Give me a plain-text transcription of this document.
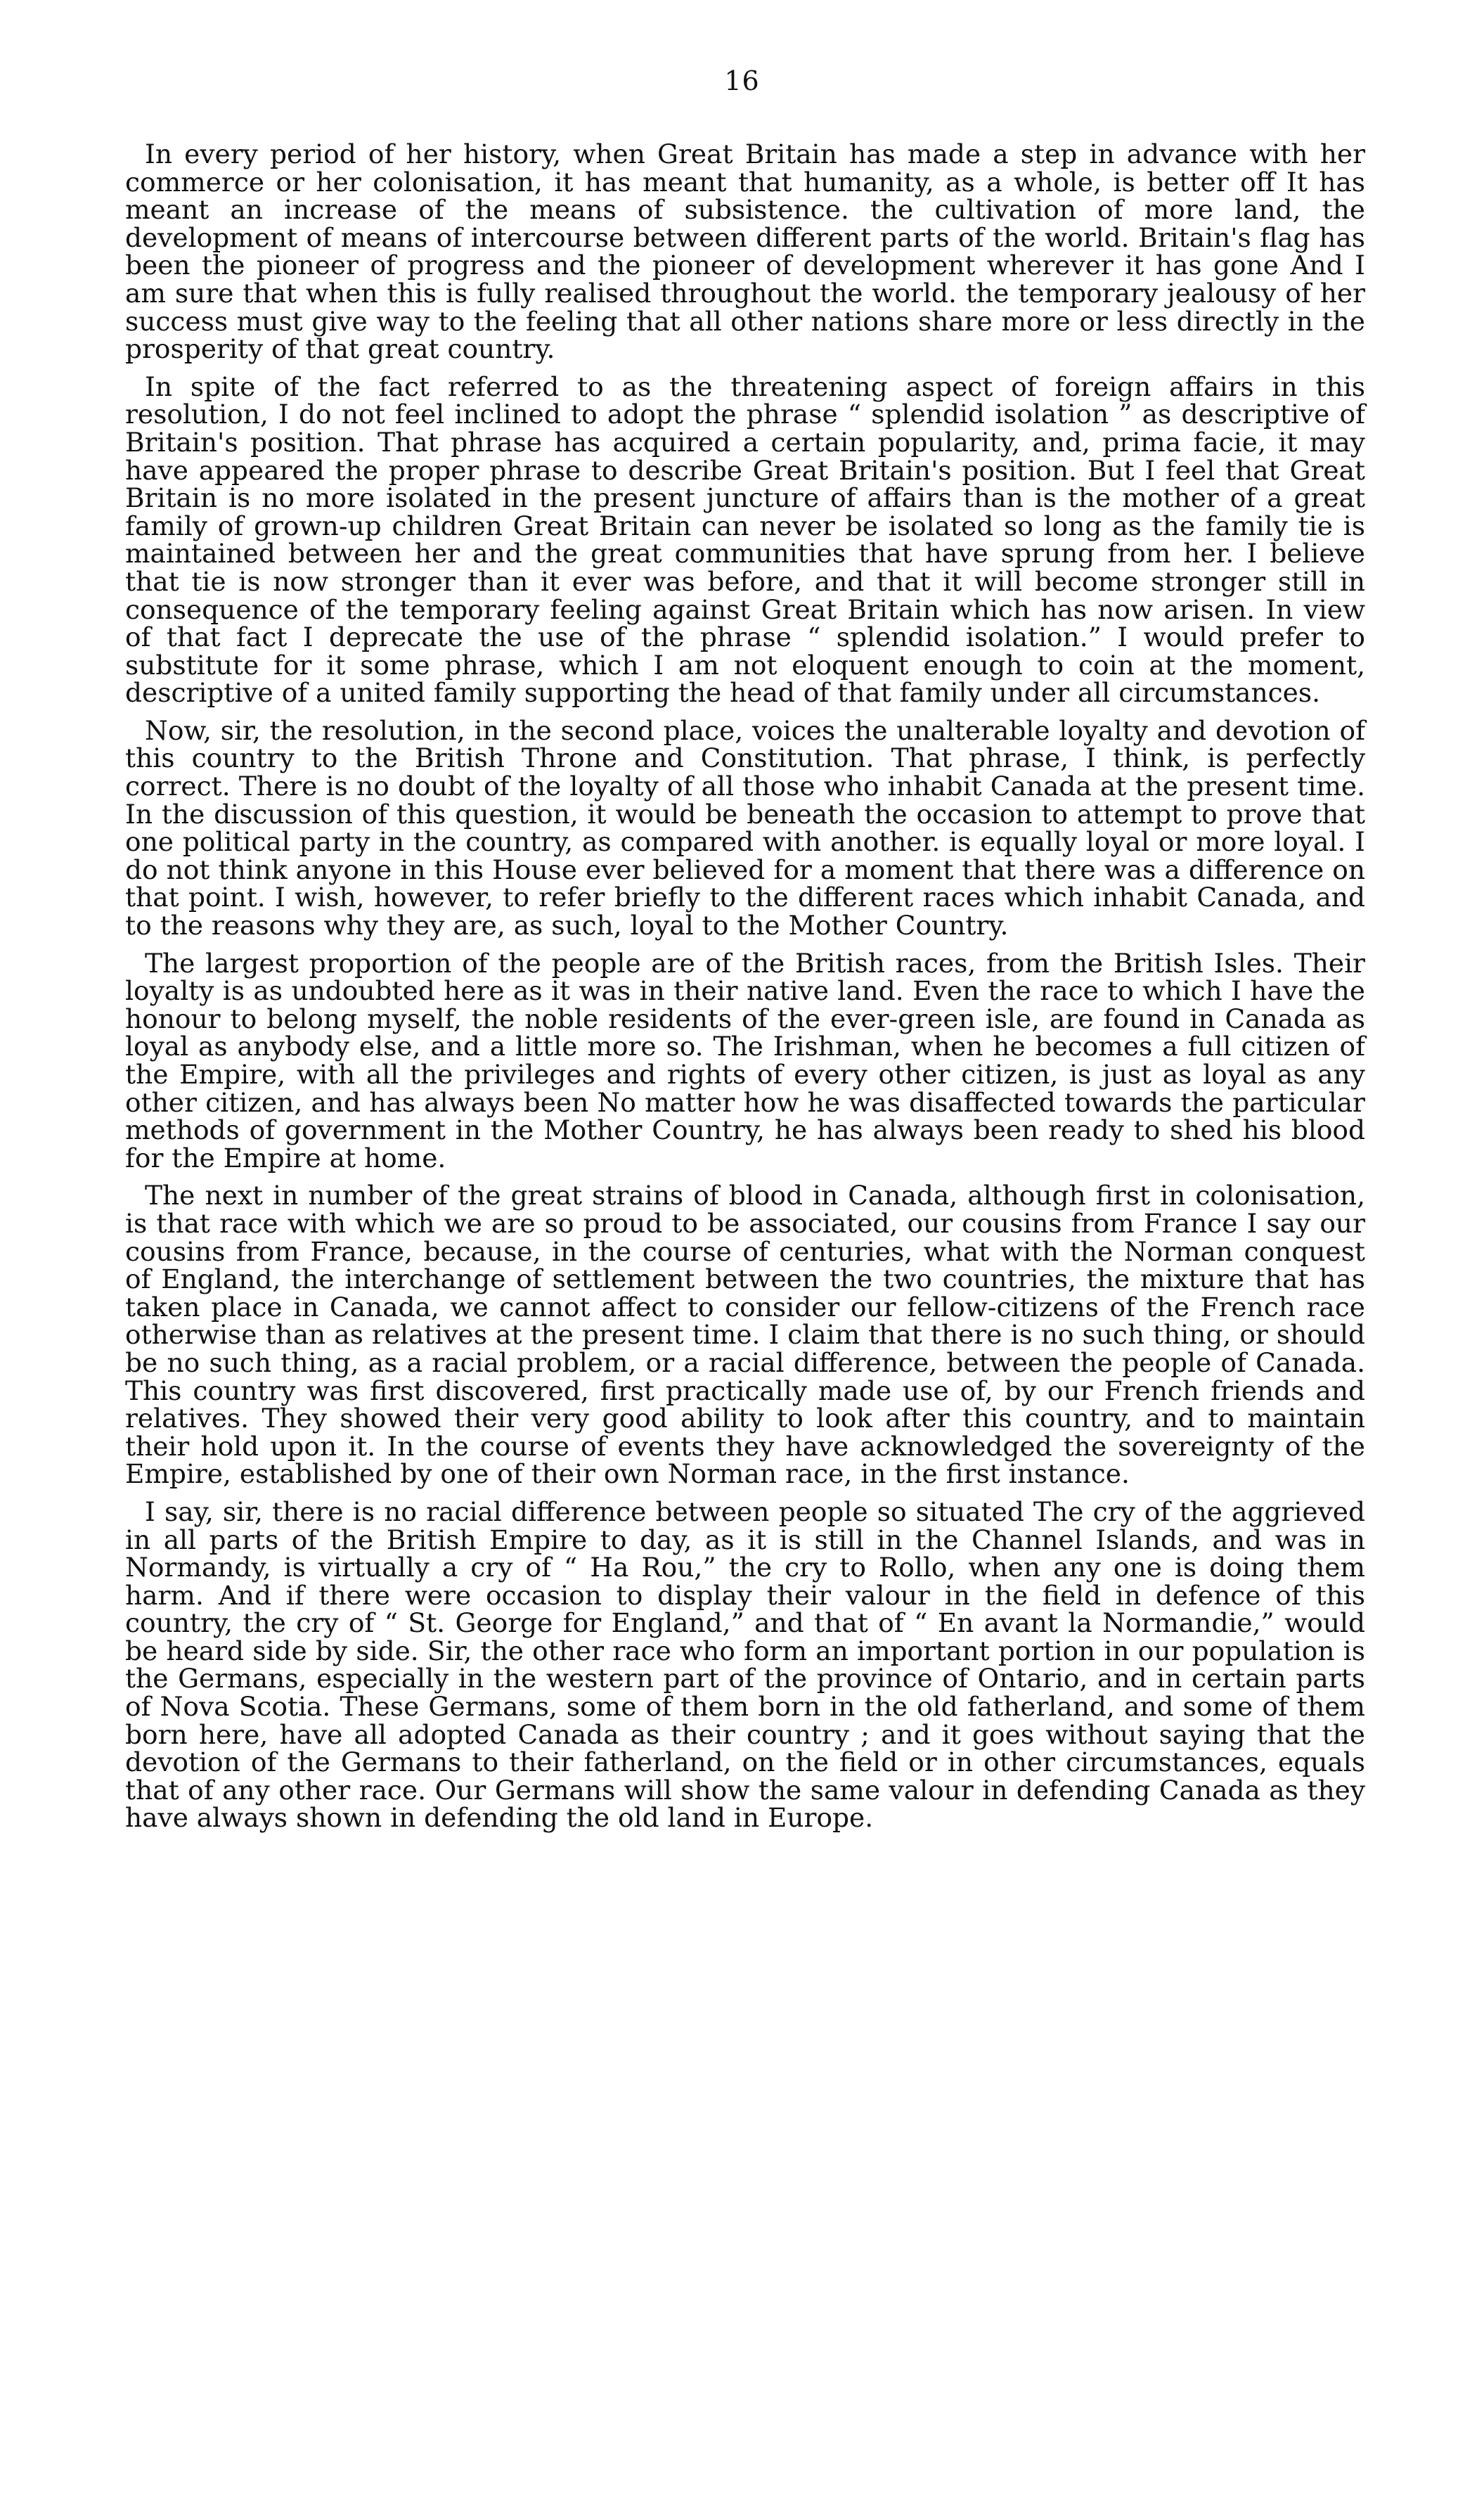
16

In every period of her history, when Great Britain has made a step in advance with her commerce or her colonisation, it has meant that humanity, as a whole, is better off It has meant an increase of the means of subsistence. the cultivation of more land, the development of means of intercourse between different parts of the world. Britain's flag has been the pioneer of progress and the pioneer of development wherever it has gone And I am sure that when this is fully realised throughout the world. the temporary jealousy of her success must give way to the feeling that all other nations share more or less directly in the prosperity of that great country.

In spite of the fact referred to as the threatening aspect of foreign affairs in this resolution, I do not feel inclined to adopt the phrase “ splendid isolation ” as descriptive of Britain's position. That phrase has acquired a certain popularity, and, prima facie, it may have appeared the proper phrase to describe Great Britain's position. But I feel that Great Britain is no more isolated in the present juncture of affairs than is the mother of a great family of grown-up children Great Britain can never be isolated so long as the family tie is maintained between her and the great communities that have sprung from her. I believe that tie is now stronger than it ever was before, and that it will become stronger still in consequence of the temporary feeling against Great Britain which has now arisen. In view of that fact I deprecate the use of the phrase “ splendid isolation.” I would prefer to substitute for it some phrase, which I am not eloquent enough to coin at the moment, descriptive of a united family supporting the head of that family under all circumstances.

Now, sir, the resolution, in the second place, voices the unalterable loyalty and devotion of this country to the British Throne and Constitution. That phrase, I think, is perfectly correct. There is no doubt of the loyalty of all those who inhabit Canada at the present time. In the discussion of this question, it would be beneath the occasion to attempt to prove that one political party in the country, as compared with another. is equally loyal or more loyal. I do not think anyone in this House ever believed for a moment that there was a difference on that point. I wish, however, to refer briefly to the different races which inhabit Canada, and to the reasons why they are, as such, loyal to the Mother Country.

The largest proportion of the people are of the British races, from the British Isles. Their loyalty is as undoubted here as it was in their native land. Even the race to which I have the honour to belong myself, the noble residents of the ever-green isle, are found in Canada as loyal as anybody else, and a little more so. The Irishman, when he becomes a full citizen of the Empire, with all the privileges and rights of every other citizen, is just as loyal as any other citizen, and has always been No matter how he was disaffected towards the particular methods of government in the Mother Country, he has always been ready to shed his blood for the Empire at home.

The next in number of the great strains of blood in Canada, although first in colonisation, is that race with which we are so proud to be associated, our cousins from France I say our cousins from France, because, in the course of centuries, what with the Norman conquest of England, the interchange of settlement between the two countries, the mixture that has taken place in Canada, we cannot affect to consider our fellow-citizens of the French race otherwise than as relatives at the present time. I claim that there is no such thing, or should be no such thing, as a racial problem, or a racial difference, between the people of Canada. This country was first discovered, first practically made use of, by our French friends and relatives. They showed their very good ability to look after this country, and to maintain their hold upon it. In the course of events they have acknowledged the sovereignty of the Empire, established by one of their own Norman race, in the first instance.

I say, sir, there is no racial difference between people so situated The cry of the aggrieved in all parts of the British Empire to day, as it is still in the Channel Islands, and was in Normandy, is virtually a cry of “ Ha Rou,” the cry to Rollo, when any one is doing them harm. And if there were occasion to display their valour in the field in defence of this country, the cry of “ St. George for England,” and that of “ En avant la Normandie,” would be heard side by side. Sir, the other race who form an important portion in our population is the Germans, especially in the western part of the province of Ontario, and in certain parts of Nova Scotia. These Germans, some of them born in the old fatherland, and some of them born here, have all adopted Canada as their country ; and it goes without saying that the devotion of the Germans to their fatherland, on the field or in other circumstances, equals that of any other race. Our Germans will show the same valour in defending Canada as they have always shown in defending the old land in Europe.
